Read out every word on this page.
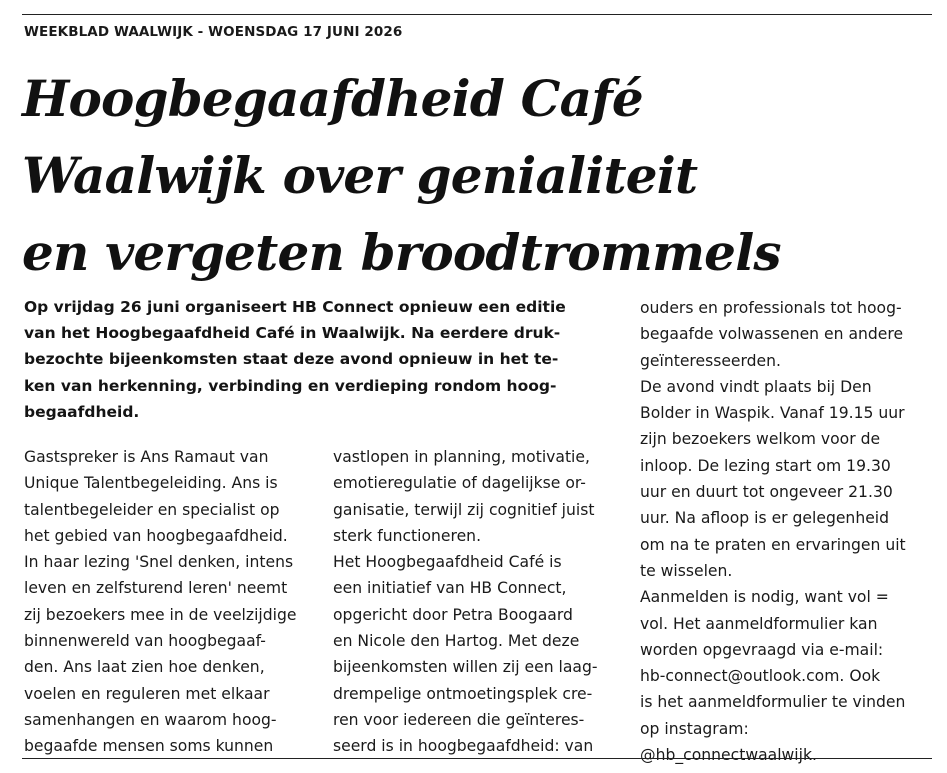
WEEKBLAD WAALWIJK - WOENSDAG 17 JUNI 2026
Hoogbegaafdheid Café
Waalwijk over genialiteit
en vergeten broodtrommels
Op vrijdag 26 juni organiseert HB Connect opnieuw een editie
van het Hoogbegaafdheid Café in Waalwijk. Na eerdere druk-
bezochte bijeenkomsten staat deze avond opnieuw in het te-
ken van herkenning, verbinding en verdieping rondom hoog-
begaafdheid.
Gastspreker is Ans Ramaut van
Unique Talentbegeleiding. Ans is
talentbegeleider en specialist op
het gebied van hoogbegaafdheid.
In haar lezing 'Snel denken, intens
leven en zelfsturend leren' neemt
zij bezoekers mee in de veelzijdige
binnenwereld van hoogbegaaf-
den. Ans laat zien hoe denken,
voelen en reguleren met elkaar
samenhangen en waarom hoog-
begaafde mensen soms kunnen
vastlopen in planning, motivatie,
emotieregulatie of dagelijkse or-
ganisatie, terwijl zij cognitief juist
sterk functioneren.
Het Hoogbegaafdheid Café is
een initiatief van HB Connect,
opgericht door Petra Boogaard
en Nicole den Hartog. Met deze
bijeenkomsten willen zij een laag-
drempelige ontmoetingsplek cre-
ren voor iedereen die geïnteres-
seerd is in hoogbegaafdheid: van
ouders en professionals tot hoog-
begaafde volwassenen en andere
geïnteresseerden.
De avond vindt plaats bij Den
Bolder in Waspik. Vanaf 19.15 uur
zijn bezoekers welkom voor de
inloop. De lezing start om 19.30
uur en duurt tot ongeveer 21.30
uur. Na afloop is er gelegenheid
om na te praten en ervaringen uit
te wisselen.
Aanmelden is nodig, want vol =
vol. Het aanmeldformulier kan
worden opgevraagd via e-mail:
hb-connect@outlook.com. Ook
is het aanmeldformulier te vinden
op instagram:
@hb_connectwaalwijk.
